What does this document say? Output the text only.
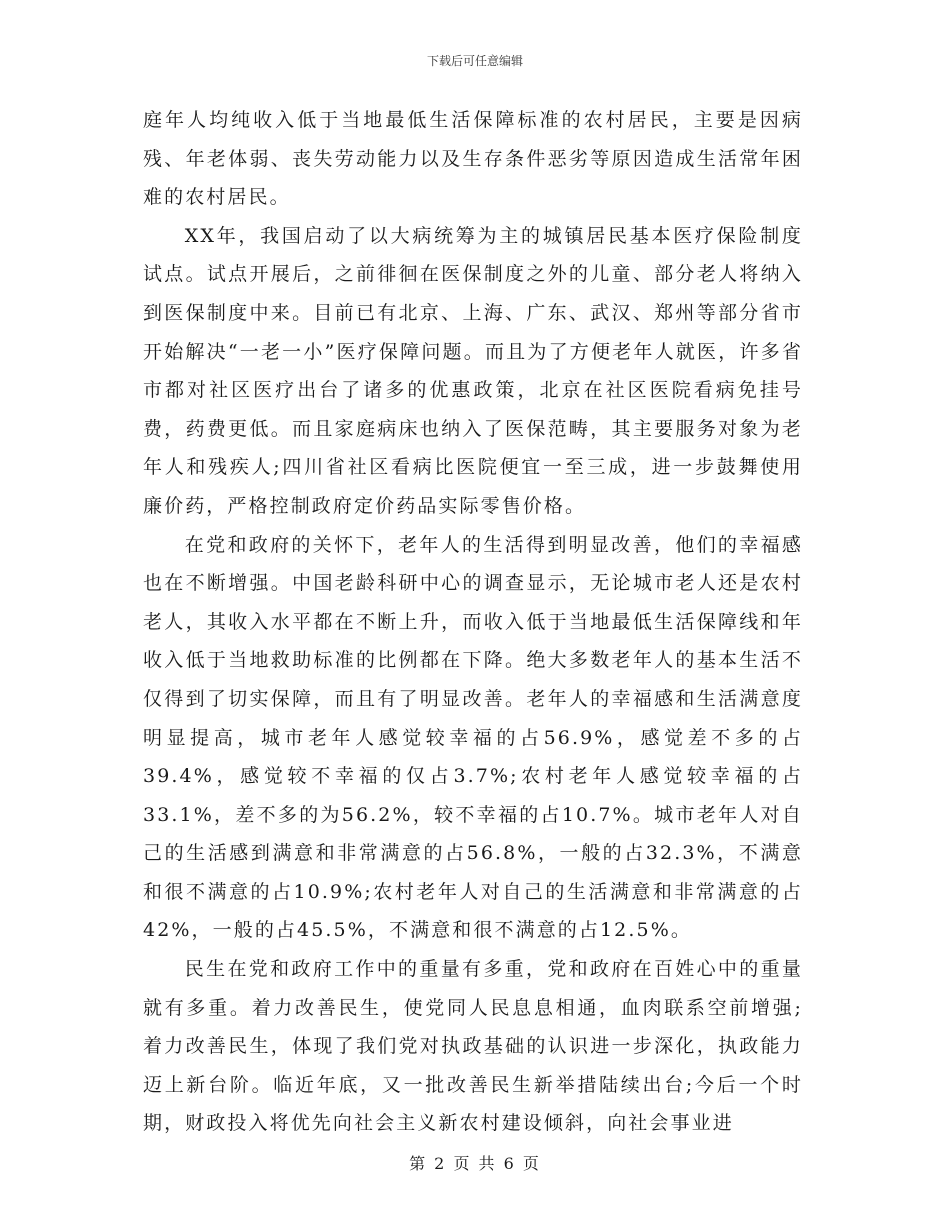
下载后可任意编辑

庭年人均纯收入低于当地最低生活保障标准的农村居民，主要是因病残、年老体弱、丧失劳动能力以及生存条件恶劣等原因造成生活常年困难的农村居民。

XX年，我国启动了以大病统筹为主的城镇居民基本医疗保险制度试点。试点开展后，之前徘徊在医保制度之外的儿童、部分老人将纳入到医保制度中来。目前已有北京、上海、广东、武汉、郑州等部分省市开始解决“一老一小”医疗保障问题。而且为了方便老年人就医，许多省市都对社区医疗出台了诸多的优惠政策，北京在社区医院看病免挂号费，药费更低。而且家庭病床也纳入了医保范畴，其主要服务对象为老年人和残疾人;四川省社区看病比医院便宜一至三成，进一步鼓舞使用廉价药，严格控制政府定价药品实际零售价格。

在党和政府的关怀下，老年人的生活得到明显改善，他们的幸福感也在不断增强。中国老龄科研中心的调查显示，无论城市老人还是农村老人，其收入水平都在不断上升，而收入低于当地最低生活保障线和年收入低于当地救助标准的比例都在下降。绝大多数老年人的基本生活不仅得到了切实保障，而且有了明显改善。老年人的幸福感和生活满意度明显提高，城市老年人感觉较幸福的占56.9%，感觉差不多的占39.4%，感觉较不幸福的仅占3.7%;农村老年人感觉较幸福的占33.1%，差不多的为56.2%，较不幸福的占10.7%。城市老年人对自己的生活感到满意和非常满意的占56.8%，一般的占32.3%，不满意和很不满意的占10.9%;农村老年人对自己的生活满意和非常满意的占42%，一般的占45.5%，不满意和很不满意的占12.5%。

民生在党和政府工作中的重量有多重，党和政府在百姓心中的重量就有多重。着力改善民生，使党同人民息息相通，血肉联系空前增强;着力改善民生，体现了我们党对执政基础的认识进一步深化，执政能力迈上新台阶。临近年底，又一批改善民生新举措陆续出台;今后一个时期，财政投入将优先向社会主义新农村建设倾斜，向社会事业进

第 2 页 共 6 页
